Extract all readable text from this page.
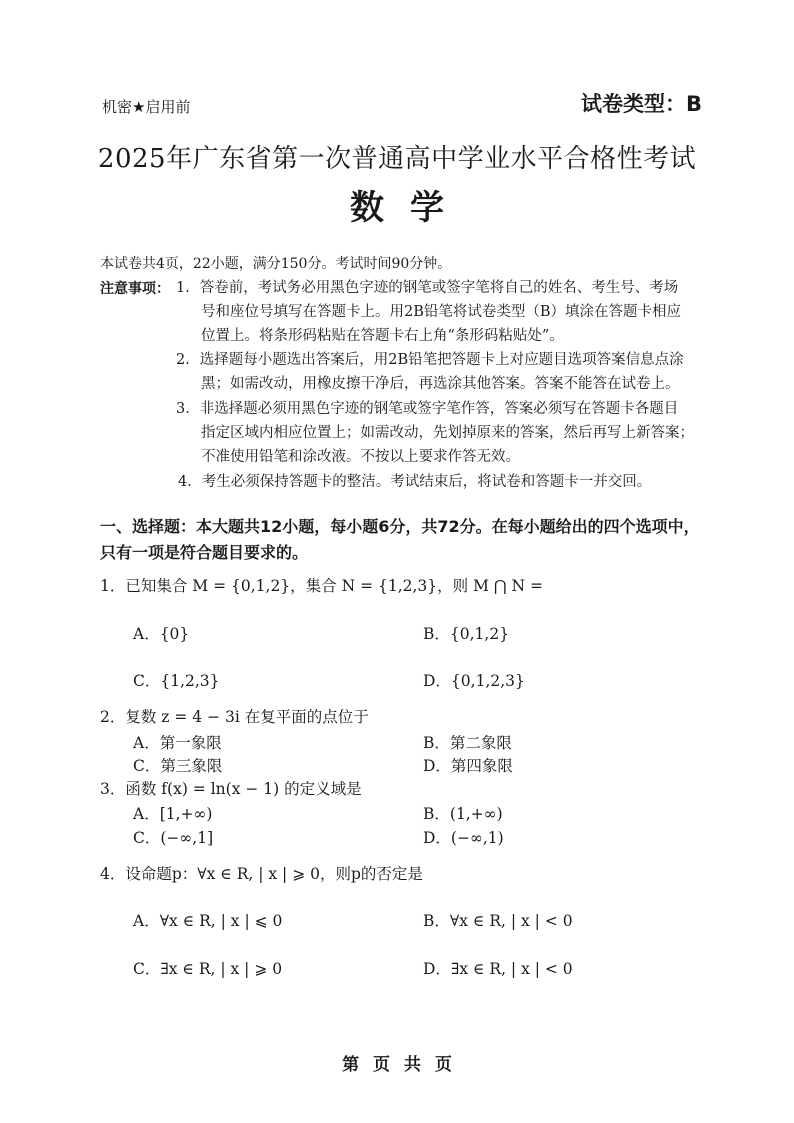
机密★启用前	试卷类型：B
2025年广东省第一次普通高中学业水平合格性考试
数学
本试卷共4页，22小题，满分150分。考试时间90分钟。
注意事项： 1．答卷前，考试务必用黑色字迹的钢笔或签字笔将自己的姓名、考生号、考场
号和座位号填写在答题卡上。用2B铅笔将试卷类型（B）填涂在答题卡相应
位置上。将条形码粘贴在答题卡右上角“条形码粘贴处”。
2．选择题每小题选出答案后，用2B铅笔把答题卡上对应题目选项答案信息点涂
黑；如需改动，用橡皮擦干净后，再选涂其他答案。答案不能答在试卷上。
3．非选择题必须用黑色字迹的钢笔或签字笔作答，答案必须写在答题卡各题目
指定区域内相应位置上；如需改动，先划掉原来的答案，然后再写上新答案；
不准使用铅笔和涂改液。不按以上要求作答无效。
4．考生必须保持答题卡的整洁。考试结束后，将试卷和答题卡一并交回。
一、选择题：本大题共12小题，每小题6分，共72分。在每小题给出的四个选项中，只有一项是符合题目要求的。
1．已知集合 M = {0,1,2}，集合 N = {1,2,3}，则 M ⋂ N =
A．{0}	B．{0,1,2}
C．{1,2,3}	D．{0,1,2,3}
2．复数 z = 4 − 3i 在复平面的点位于
A．第一象限	B．第二象限
C．第三象限	D．第四象限
3．函数 f(x) = ln(x − 1) 的定义域是
A．[1,+∞)	B．(1,+∞)
C．(−∞,1]	D．(−∞,1)
4．设命题p：∀x ∈ R, | x | ⩾ 0，则p的否定是
A．∀x ∈ R, | x | ⩽ 0	B．∀x ∈ R, | x | < 0
C．∃x ∈ R, | x | ⩾ 0	D．∃x ∈ R, | x | < 0
第 页 共 页
